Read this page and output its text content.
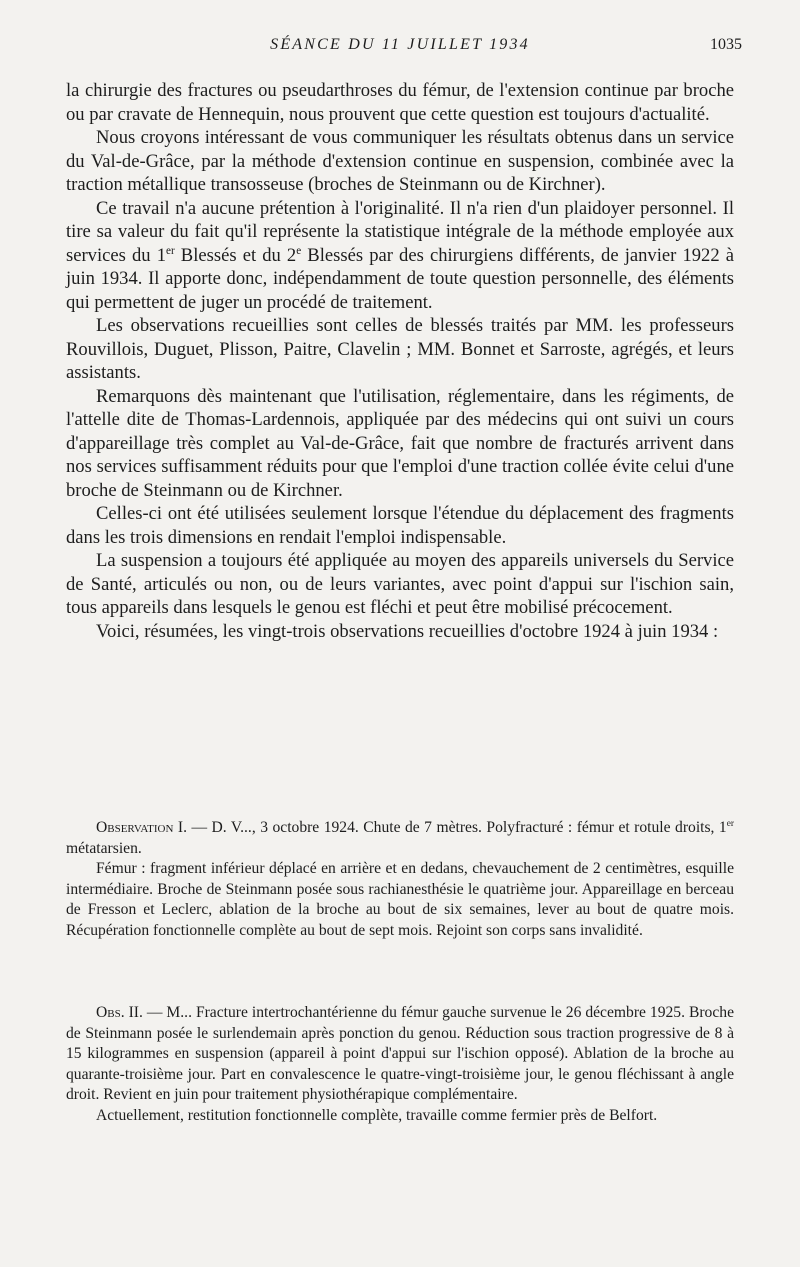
SÉANCE DU 11 JUILLET 1934	1035

la chirurgie des fractures ou pseudarthroses du fémur, de l'extension continue par broche ou par cravate de Hennequin, nous prouvent que cette question est toujours d'actualité.

Nous croyons intéressant de vous communiquer les résultats obtenus dans un service du Val-de-Grâce, par la méthode d'extension continue en suspension, combinée avec la traction métallique transosseuse (broches de Steinmann ou de Kirchner).

Ce travail n'a aucune prétention à l'originalité. Il n'a rien d'un plaidoyer personnel. Il tire sa valeur du fait qu'il représente la statistique intégrale de la méthode employée aux services du 1er Blessés et du 2e Blessés par des chirurgiens différents, de janvier 1922 à juin 1934. Il apporte donc, indépendamment de toute question personnelle, des éléments qui permettent de juger un procédé de traitement.

Les observations recueillies sont celles de blessés traités par MM. les professeurs Rouvillois, Duguet, Plisson, Paitre, Clavelin ; MM. Bonnet et Sarroste, agrégés, et leurs assistants.

Remarquons dès maintenant que l'utilisation, réglementaire, dans les régiments, de l'attelle dite de Thomas-Lardennois, appliquée par des médecins qui ont suivi un cours d'appareillage très complet au Val-de-Grâce, fait que nombre de fracturés arrivent dans nos services suffisamment réduits pour que l'emploi d'une traction collée évite celui d'une broche de Steinmann ou de Kirchner.

Celles-ci ont été utilisées seulement lorsque l'étendue du déplacement des fragments dans les trois dimensions en rendait l'emploi indispensable.

La suspension a toujours été appliquée au moyen des appareils universels du Service de Santé, articulés ou non, ou de leurs variantes, avec point d'appui sur l'ischion sain, tous appareils dans lesquels le genou est fléchi et peut être mobilisé précocement.

Voici, résumées, les vingt-trois observations recueillies d'octobre 1924 à juin 1934 :

Observation I. — D. V..., 3 octobre 1924. Chute de 7 mètres. Polyfracturé : fémur et rotule droits, 1er métatarsien.

Fémur : fragment inférieur déplacé en arrière et en dedans, chevauchement de 2 centimètres, esquille intermédiaire. Broche de Steinmann posée sous rachianesthésie le quatrième jour. Appareillage en berceau de Fresson et Leclerc, ablation de la broche au bout de six semaines, lever au bout de quatre mois. Récupération fonctionnelle complète au bout de sept mois. Rejoint son corps sans invalidité.

Obs. II. — M... Fracture intertrochantérienne du fémur gauche survenue le 26 décembre 1925. Broche de Steinmann posée le surlendemain après ponction du genou. Réduction sous traction progressive de 8 à 15 kilogrammes en suspension (appareil à point d'appui sur l'ischion opposé). Ablation de la broche au quarante-troisième jour. Part en convalescence le quatre-vingt-troisième jour, le genou fléchissant à angle droit. Revient en juin pour traitement physiothérapique complémentaire.

Actuellement, restitution fonctionnelle complète, travaille comme fermier près de Belfort.
